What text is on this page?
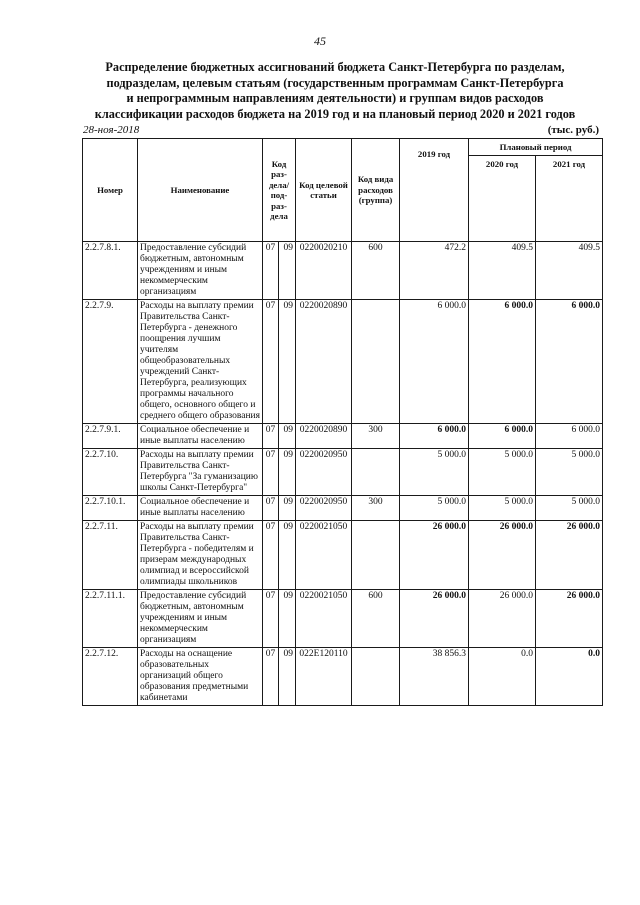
45
Распределение бюджетных ассигнований бюджета Санкт-Петербурга по разделам,
подразделам, целевым статьям (государственным программам Санкт-Петербурга
и непрограммным направлениям деятельности) и группам видов расходов
классификации расходов бюджета на 2019 год и на плановый период 2020 и 2021 годов
28-ноя-2018	(тыс. руб.)
Номер	Наименование	Код раз-дела/ под-раз-дела		Код целевой статьи	Код вида расходов (группа)	2019 год	Плановый период	
							2020 год	2021 год
2.2.7.8.1.	Предоставление субсидий бюджетным, автономным учреждениям и иным некоммерческим организациям	07	09	0220020210	600	472.2	409.5	409.5
2.2.7.9.	Расходы на выплату премии Правительства Санкт-Петербурга - денежного поощрения лучшим учителям общеобразовательных учреждений Санкт-Петербурга, реализующих программы начального общего, основного общего и среднего общего образования	07	09	0220020890		6 000.0	6 000.0	6 000.0
2.2.7.9.1.	Социальное обеспечение и иные выплаты населению	07	09	0220020890	300	6 000.0	6 000.0	6 000.0
2.2.7.10.	Расходы на выплату премии Правительства Санкт-Петербурга "За гуманизацию школы Санкт-Петербурга"	07	09	0220020950		5 000.0	5 000.0	5 000.0
2.2.7.10.1.	Социальное обеспечение и иные выплаты населению	07	09	0220020950	300	5 000.0	5 000.0	5 000.0
2.2.7.11.	Расходы на выплату премии Правительства Санкт-Петербурга - победителям и призерам международных олимпиад и всероссийской олимпиады школьников	07	09	0220021050		26 000.0	26 000.0	26 000.0
2.2.7.11.1.	Предоставление субсидий бюджетным, автономным учреждениям и иным некоммерческим организациям	07	09	0220021050	600	26 000.0	26 000.0	26 000.0
2.2.7.12.	Расходы на оснащение образовательных организаций общего образования предметными кабинетами	07	09	022E120110		38 856.3	0.0	0.0
